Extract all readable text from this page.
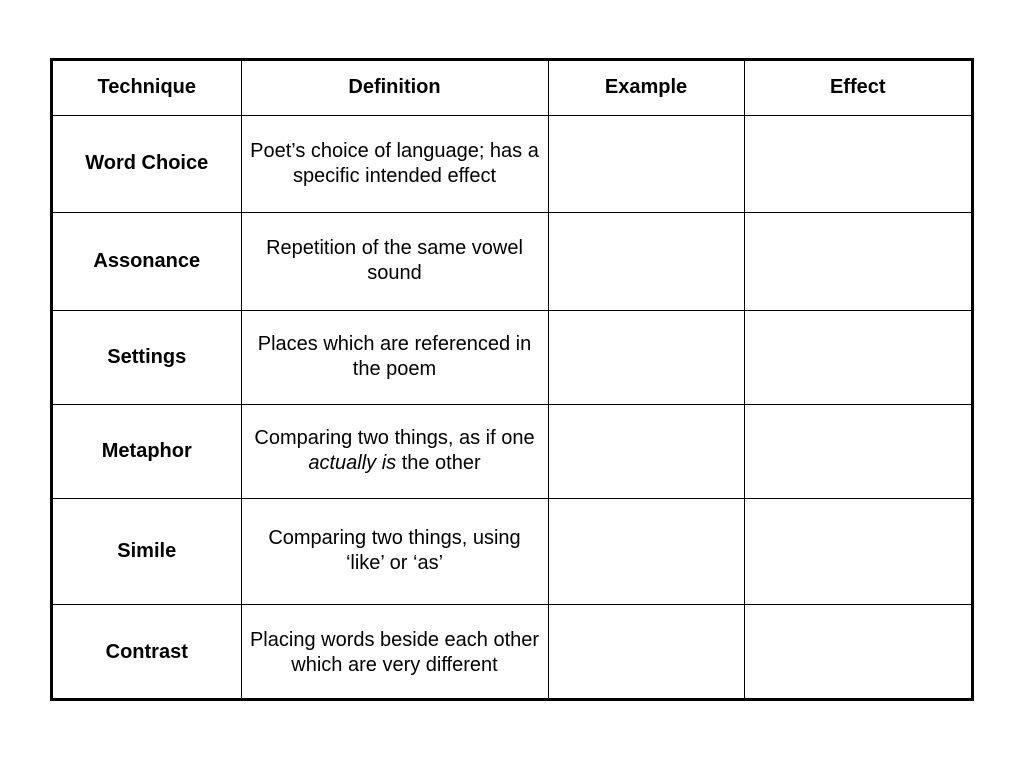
Technique	Definition	Example	Effect
Word Choice	Poet’s choice of language; has a specific intended effect		
Assonance	Repetition of the same vowel sound		
Settings	Places which are referenced in the poem		
Metaphor	Comparing two things, as if one actually is the other		
Simile	Comparing two things, using ‘like’ or ‘as’		
Contrast	Placing words beside each other which are very different		
